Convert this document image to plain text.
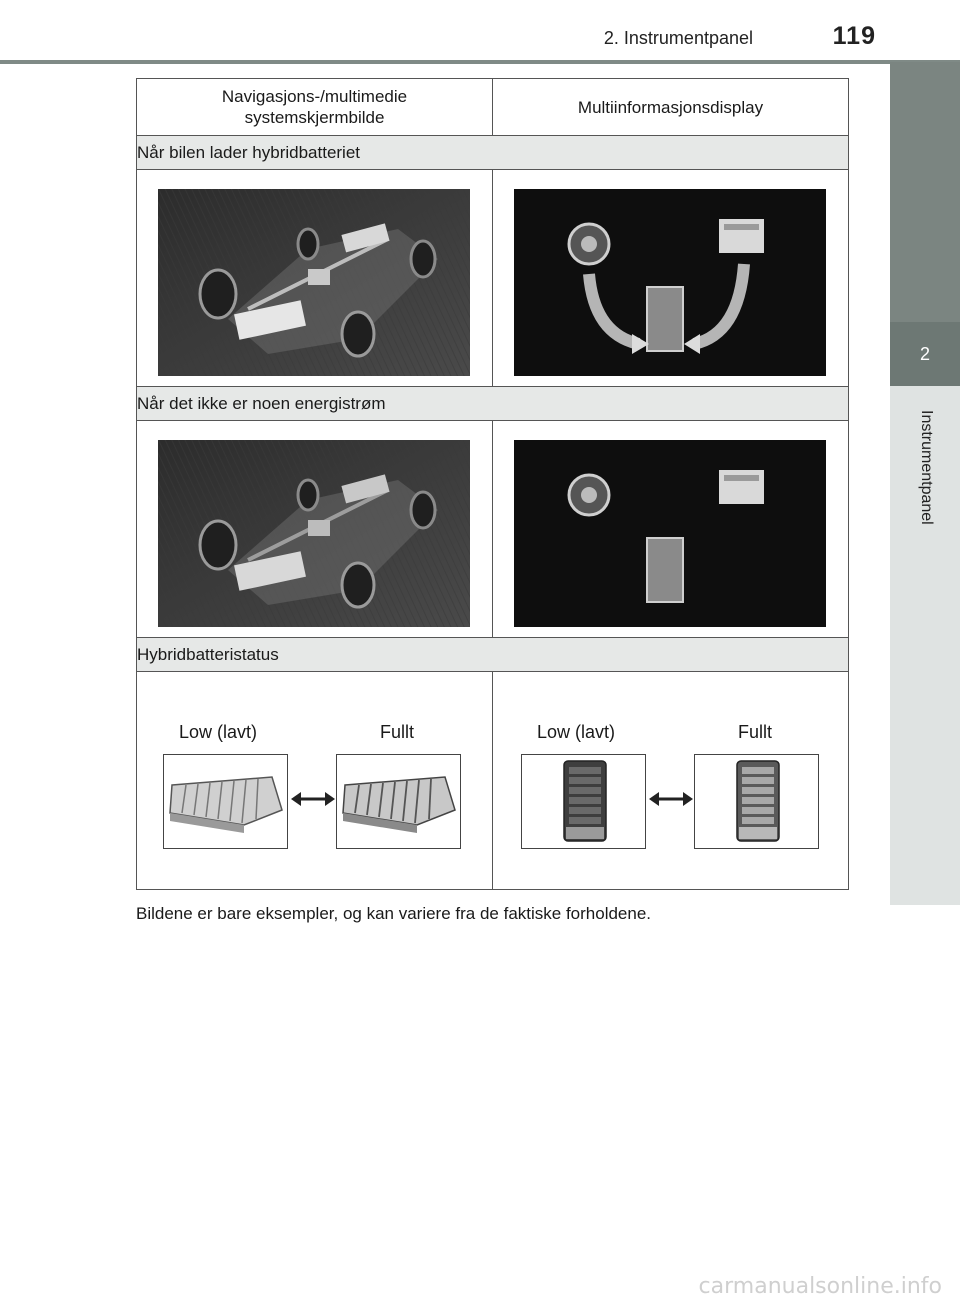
2. Instrumentpanel	119
2
Instrumentpanel
Navigasjons-/multimedie systemskjermbilde	Multiinformasjonsdisplay
Når bilen lader hybridbatteriet	

Når det ikke er noen energistrøm	

Hybridbatteristatus	

Low (lavt) Fullt	Low (lavt) Fullt
Bildene er bare eksempler, og kan variere fra de faktiske forholdene.
carmanualsonline.info
